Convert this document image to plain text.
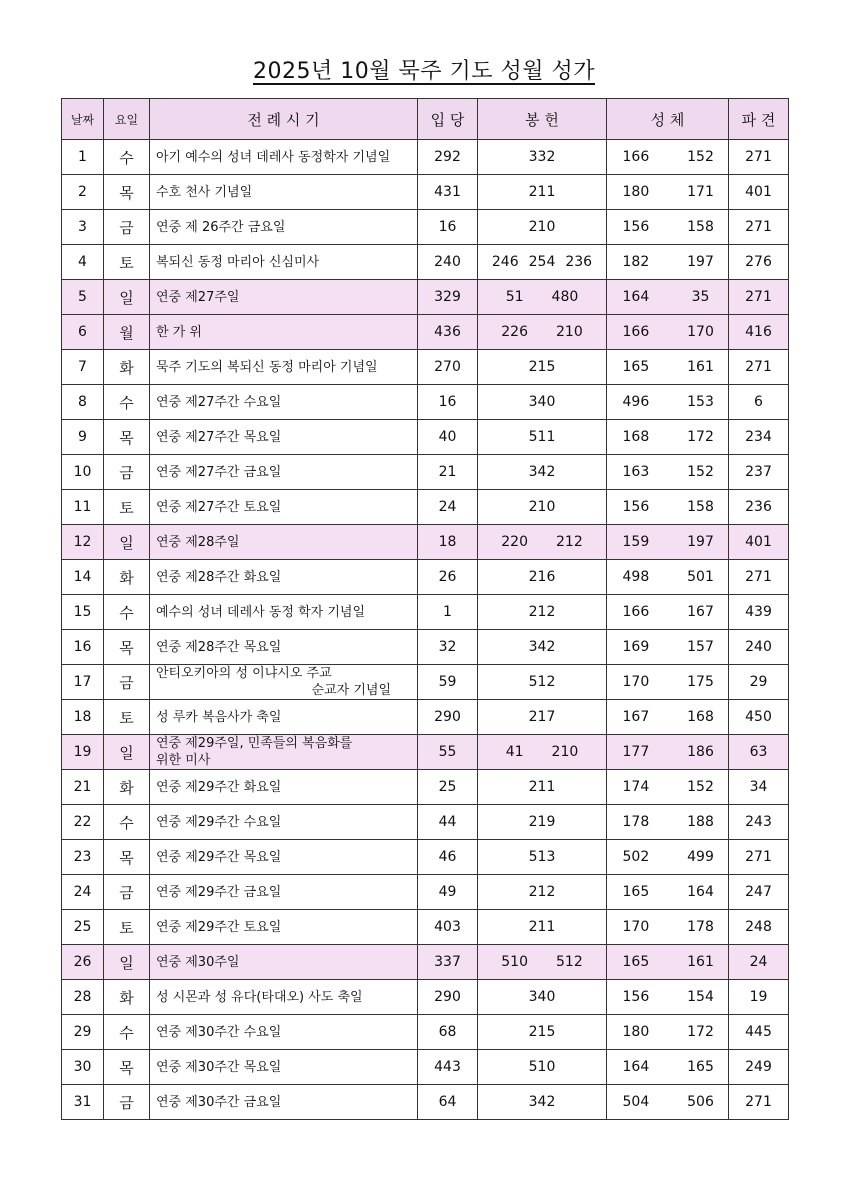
2025년 10월 묵주 기도 성월 성가
날짜	요일	전 례 시 기	입 당	봉 헌	성 체	파 견
1	수	아기 예수의 성녀 데레사 동정학자 기념일	292	332	166 152	271
2	목	수호 천사 기념일	431	211	180 171	401
3	금	연중 제 26주간 금요일	16	210	156 158	271
4	토	복되신 동정 마리아 신심미사	240	246 254 236	182 197	276
5	일	연중 제27주일	329	51 480	164 35	271
6	월	한 가 위	436	226 210	166 170	416
7	화	묵주 기도의 복되신 동정 마리아 기념일	270	215	165 161	271
8	수	연중 제27주간 수요일	16	340	496 153	6
9	목	연중 제27주간 목요일	40	511	168 172	234
10	금	연중 제27주간 금요일	21	342	163 152	237
11	토	연중 제27주간 토요일	24	210	156 158	236
12	일	연중 제28주일	18	220 212	159 197	401
14	화	연중 제28주간 화요일	26	216	498 501	271
15	수	예수의 성녀 데레사 동정 학자 기념일	1	212	166 167	439
16	목	연중 제28주간 목요일	32	342	169 157	240
17	금	안티오키아의 성 이냐시오 주교
순교자 기념일	59	512	170 175	29
18	토	성 루카 복음사가 축일	290	217	167 168	450
19	일	연중 제29주일, 민족들의 복음화를
위한 미사	55	41 210	177 186	63
21	화	연중 제29주간 화요일	25	211	174 152	34
22	수	연중 제29주간 수요일	44	219	178 188	243
23	목	연중 제29주간 목요일	46	513	502 499	271
24	금	연중 제29주간 금요일	49	212	165 164	247
25	토	연중 제29주간 토요일	403	211	170 178	248
26	일	연중 제30주일	337	510 512	165 161	24
28	화	성 시몬과 성 유다(타대오) 사도 축일	290	340	156 154	19
29	수	연중 제30주간 수요일	68	215	180 172	445
30	목	연중 제30주간 목요일	443	510	164 165	249
31	금	연중 제30주간 금요일	64	342	504 506	271
